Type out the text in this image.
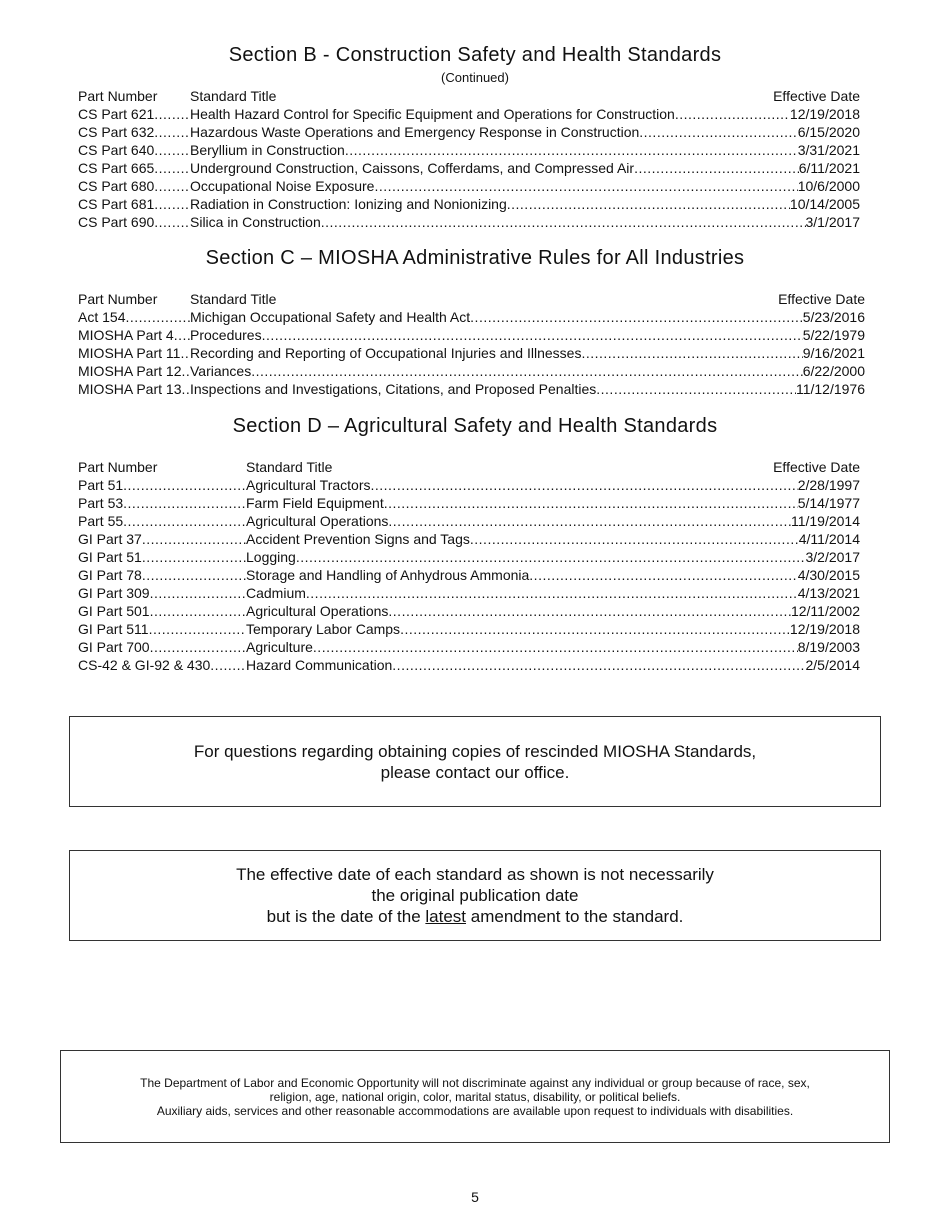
Section B - Construction Safety and Health Standards
(Continued)
Part Number	Standard Title	Effective Date
CS Part 621 .....	Health Hazard Control for Specific Equipment and Operations for Construction .....	12/19/2018
CS Part 632 .....	Hazardous Waste Operations and Emergency Response in Construction .....	6/15/2020
CS Part 640 .....	Beryllium in Construction .....	3/31/2021
CS Part 665 .....	Underground Construction, Caissons, Cofferdams, and Compressed Air .....	6/11/2021
CS Part 680 .....	Occupational Noise Exposure .....	10/6/2000
CS Part 681 .....	Radiation in Construction: Ionizing and Nonionizing .....	10/14/2005
CS Part 690 .....	Silica in Construction .....	3/1/2017
Section C – MIOSHA Administrative Rules for All Industries
Part Number	Standard Title	Effective Date
Act 154 .....	Michigan Occupational Safety and Health Act .....	5/23/2016
MIOSHA Part 4 ..... Procedures .....	5/22/1979
MIOSHA Part 11 ..... Recording and Reporting of Occupational Injuries and Illnesses .....	9/16/2021
MIOSHA Part 12 ..... Variances .....	6/22/2000
MIOSHA Part 13 ..... Inspections and Investigations, Citations, and Proposed Penalties .....	11/12/1976
Section D – Agricultural Safety and Health Standards
Part Number	Standard Title	Effective Date
Part 51 .....	Agricultural Tractors .....	2/28/1997
Part 53 .....	Farm Field Equipment .....	5/14/1977
Part 55 .....	Agricultural Operations .....	11/19/2014
GI Part 37 .....	Accident Prevention Signs and Tags .....	4/11/2014
GI Part 51 .....	Logging .....	3/2/2017
GI Part 78 .....	Storage and Handling of Anhydrous Ammonia .....	4/30/2015
GI Part 309 .....	Cadmium .....	4/13/2021
GI Part 501 .....	Agricultural Operations .....	12/11/2002
GI Part 511 .....	Temporary Labor Camps .....	12/19/2018
GI Part 700 .....	Agriculture .....	8/19/2003
CS-42 & GI-92 & 430 .....	Hazard Communication .....	2/5/2014
For questions regarding obtaining copies of rescinded MIOSHA Standards,
please contact our office.
The effective date of each standard as shown is not necessarily
the original publication date
but is the date of the latest amendment to the standard.
The Department of Labor and Economic Opportunity will not discriminate against any individual or group because of race, sex,
religion, age, national origin, color, marital status, disability, or political beliefs.
Auxiliary aids, services and other reasonable accommodations are available upon request to individuals with disabilities.
5
